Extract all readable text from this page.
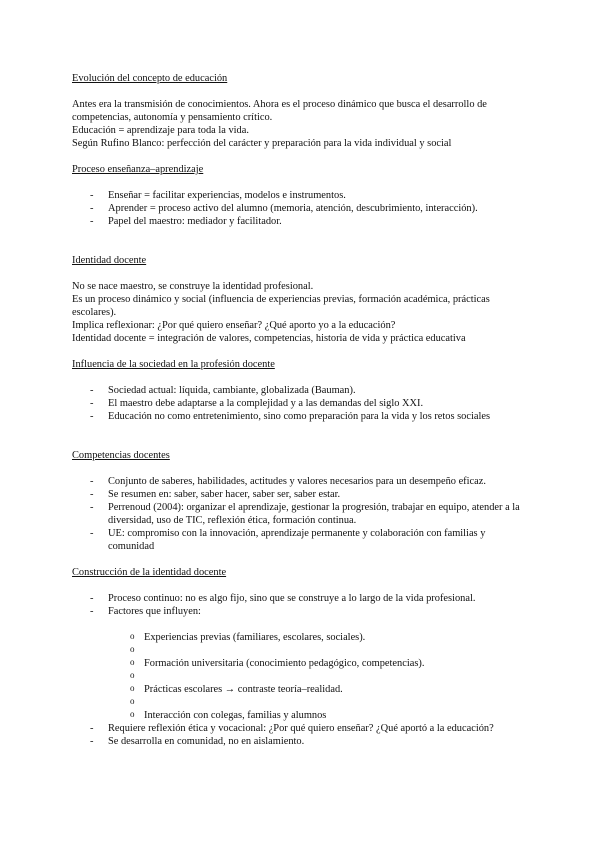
Evolución del concepto de educación

Antes era la transmisión de conocimientos. Ahora es el proceso dinámico que busca el desarrollo de competencias, autonomía y pensamiento crítico.

Educación = aprendizaje para toda la vida.

Según Rufino Blanco: perfección del carácter y preparación para la vida individual y social

Proceso enseñanza–aprendizaje

- Enseñar = facilitar experiencias, modelos e instrumentos.
- Aprender = proceso activo del alumno (memoria, atención, descubrimiento, interacción).
- Papel del maestro: mediador y facilitador.

Identidad docente

No se nace maestro, se construye la identidad profesional.

Es un proceso dinámico y social (influencia de experiencias previas, formación académica, prácticas escolares).

Implica reflexionar: ¿Por qué quiero enseñar? ¿Qué aporto yo a la educación?

Identidad docente = integración de valores, competencias, historia de vida y práctica educativa

Influencia de la sociedad en la profesión docente

- Sociedad actual: líquida, cambiante, globalizada (Bauman).
- El maestro debe adaptarse a la complejidad y a las demandas del siglo XXI.
- Educación no como entretenimiento, sino como preparación para la vida y los retos sociales

Competencias docentes

- Conjunto de saberes, habilidades, actitudes y valores necesarios para un desempeño eficaz.
- Se resumen en: saber, saber hacer, saber ser, saber estar.
- Perrenoud (2004): organizar el aprendizaje, gestionar la progresión, trabajar en equipo, atender a la diversidad, uso de TIC, reflexión ética, formación continua.
- UE: compromiso con la innovación, aprendizaje permanente y colaboración con familias y comunidad

Construcción de la identidad docente

- Proceso continuo: no es algo fijo, sino que se construye a lo largo de la vida profesional.
- Factores que influyen:
o Experiencias previas (familiares, escolares, sociales).
o
o Formación universitaria (conocimiento pedagógico, competencias).
o
o Prácticas escolares → contraste teoría–realidad.
o
o Interacción con colegas, familias y alumnos
- Requiere reflexión ética y vocacional: ¿Por qué quiero enseñar? ¿Qué aportó a la educación?
- Se desarrolla en comunidad, no en aislamiento.
